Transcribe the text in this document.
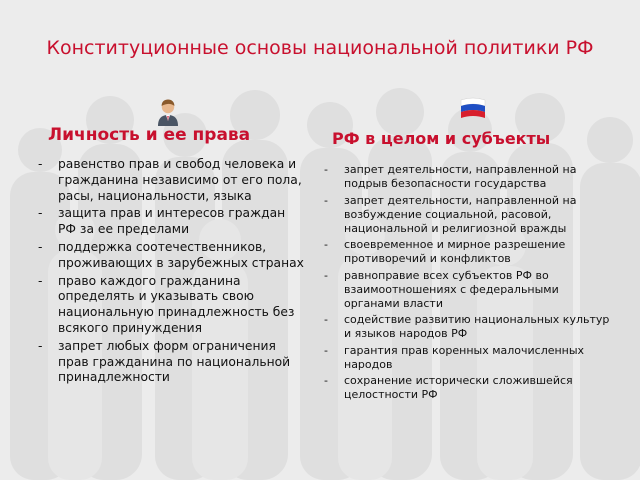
Конституционные основы национальной политики РФ
Личность и ее права	РФ в целом и субъекты
- равенство прав и свобод человека и гражданина независимо от его пола, расы, национальности, языка
- защита прав и интересов граждан РФ за ее пределами
- поддержка соотечественников, проживающих в зарубежных странах
- право каждого гражданина определять и указывать свою национальную принадлежность без всякого принуждения
- запрет любых форм ограничения прав гражданина по национальной принадлежности
- запрет деятельности, направленной на подрыв безопасности государства
- запрет деятельности, направленной на возбуждение социальной, расовой, национальной и религиозной вражды
- своевременное и мирное разрешение противоречий и конфликтов
- равноправие всех субъектов РФ во взаимоотношениях с федеральными органами власти
- содействие развитию национальных культур и языков народов РФ
- гарантия прав коренных малочисленных народов
- сохранение исторически сложившейся целостности РФ
